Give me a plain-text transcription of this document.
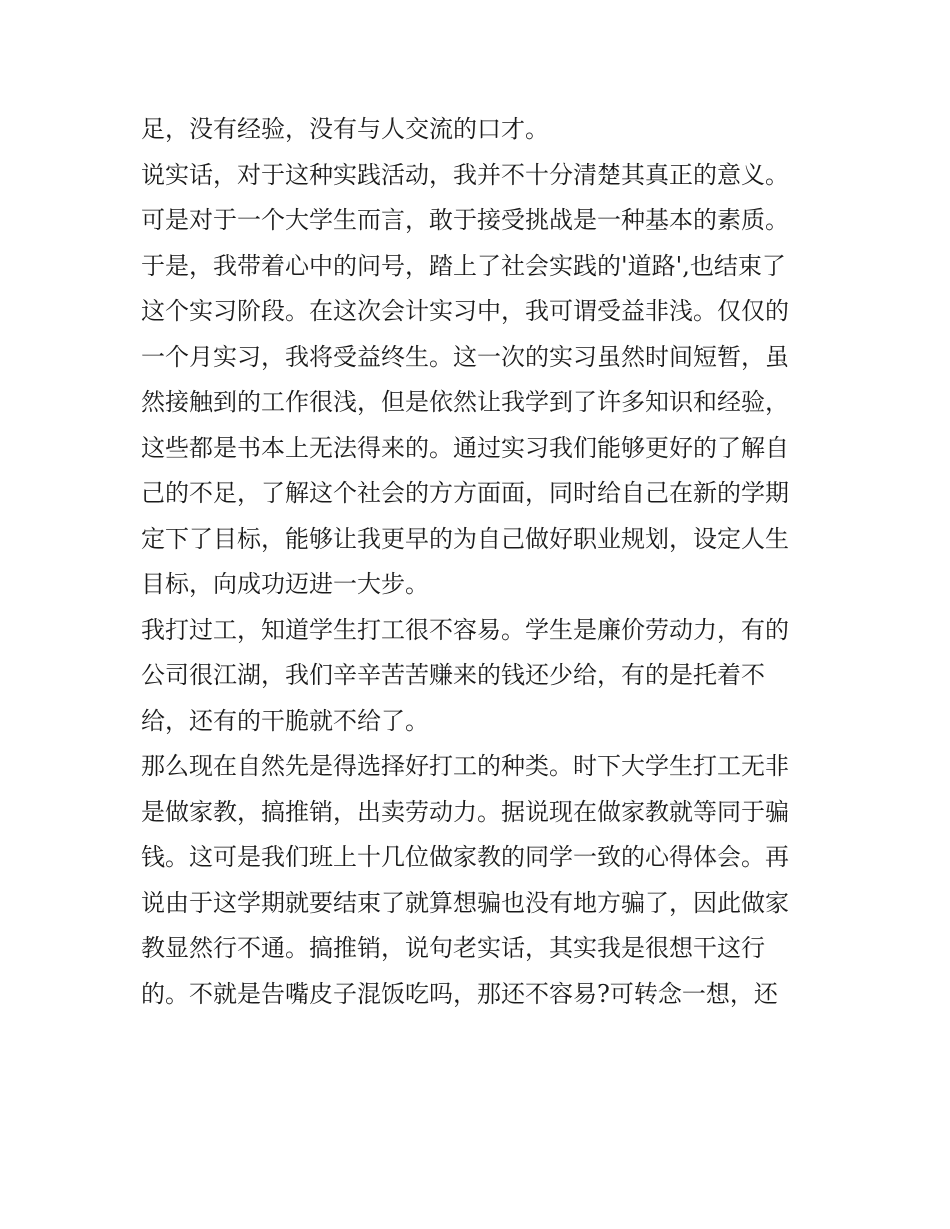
足，没有经验，没有与人交流的口才。
说实话，对于这种实践活动，我并不十分清楚其真正的意义。
可是对于一个大学生而言，敢于接受挑战是一种基本的素质。
于是，我带着心中的问号，踏上了社会实践的'道路',也结束了
这个实习阶段。在这次会计实习中，我可谓受益非浅。仅仅的
一个月实习，我将受益终生。这一次的实习虽然时间短暂，虽
然接触到的工作很浅，但是依然让我学到了许多知识和经验，
这些都是书本上无法得来的。通过实习我们能够更好的了解自
己的不足，了解这个社会的方方面面，同时给自己在新的学期
定下了目标，能够让我更早的为自己做好职业规划，设定人生
目标，向成功迈进一大步。
我打过工，知道学生打工很不容易。学生是廉价劳动力，有的
公司很江湖，我们辛辛苦苦赚来的钱还少给，有的是托着不
给，还有的干脆就不给了。
那么现在自然先是得选择好打工的种类。时下大学生打工无非
是做家教，搞推销，出卖劳动力。据说现在做家教就等同于骗
钱。这可是我们班上十几位做家教的同学一致的心得体会。再
说由于这学期就要结束了就算想骗也没有地方骗了，因此做家
教显然行不通。搞推销，说句老实话，其实我是很想干这行
的。不就是告嘴皮子混饭吃吗，那还不容易?可转念一想，还
